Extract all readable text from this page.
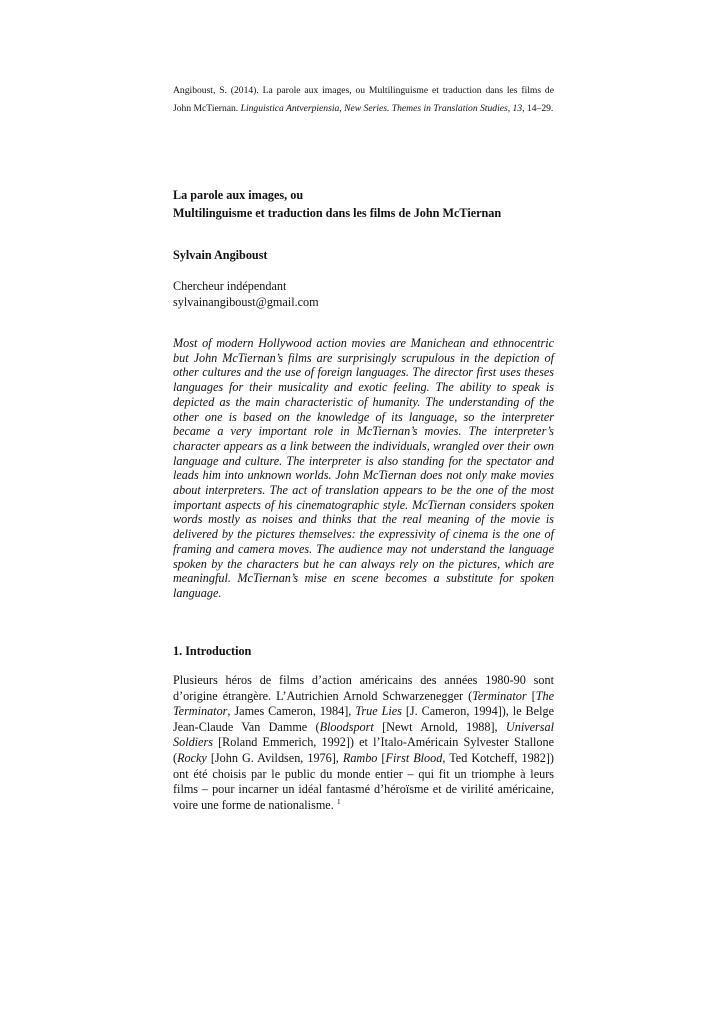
Angiboust, S. (2014). La parole aux images, ou Multilinguisme et traduction dans les films de John McTiernan. Linguistica Antverpiensia, New Series. Themes in Translation Studies, 13, 14–29.
La parole aux images, ou
Multilinguisme et traduction dans les films de John McTiernan
Sylvain Angiboust
Chercheur indépendant
sylvainangiboust@gmail.com

Most of modern Hollywood action movies are Manichean and ethnocentric but John McTiernan’s films are surprisingly scrupulous in the depiction of other cultures and the use of foreign languages. The director first uses theses languages for their musicality and exotic feeling. The ability to speak is depicted as the main characteristic of humanity. The understanding of the other one is based on the knowledge of its language, so the interpreter became a very important role in McTiernan’s movies. The interpreter’s character appears as a link between the individuals, wrangled over their own language and culture. The interpreter is also standing for the spectator and leads him into unknown worlds. John McTiernan does not only make movies about interpreters. The act of translation appears to be the one of the most important aspects of his cinematographic style. McTiernan considers spoken words mostly as noises and thinks that the real meaning of the movie is delivered by the pictures themselves: the expressivity of cinema is the one of framing and camera moves. The audience may not understand the language spoken by the characters but he can always rely on the pictures, which are meaningful. McTiernan’s mise en scene becomes a substitute for spoken language.

1. Introduction

Plusieurs héros de films d’action américains des années 1980-90 sont d’origine étrangère. L’Autrichien Arnold Schwarzenegger (Terminator [The Terminator, James Cameron, 1984], True Lies [J. Cameron, 1994]), le Belge Jean-Claude Van Damme (Bloodsport [Newt Arnold, 1988], Universal Soldiers [Roland Emmerich, 1992]) et l’Italo-Américain Sylvester Stallone (Rocky [John G. Avildsen, 1976], Rambo [First Blood, Ted Kotcheff, 1982]) ont été choisis par le public du monde entier – qui fit un triomphe à leurs films – pour incarner un idéal fantasmé d’héroïsme et de virilité américaine, voire une forme de nationalisme. $^1$
